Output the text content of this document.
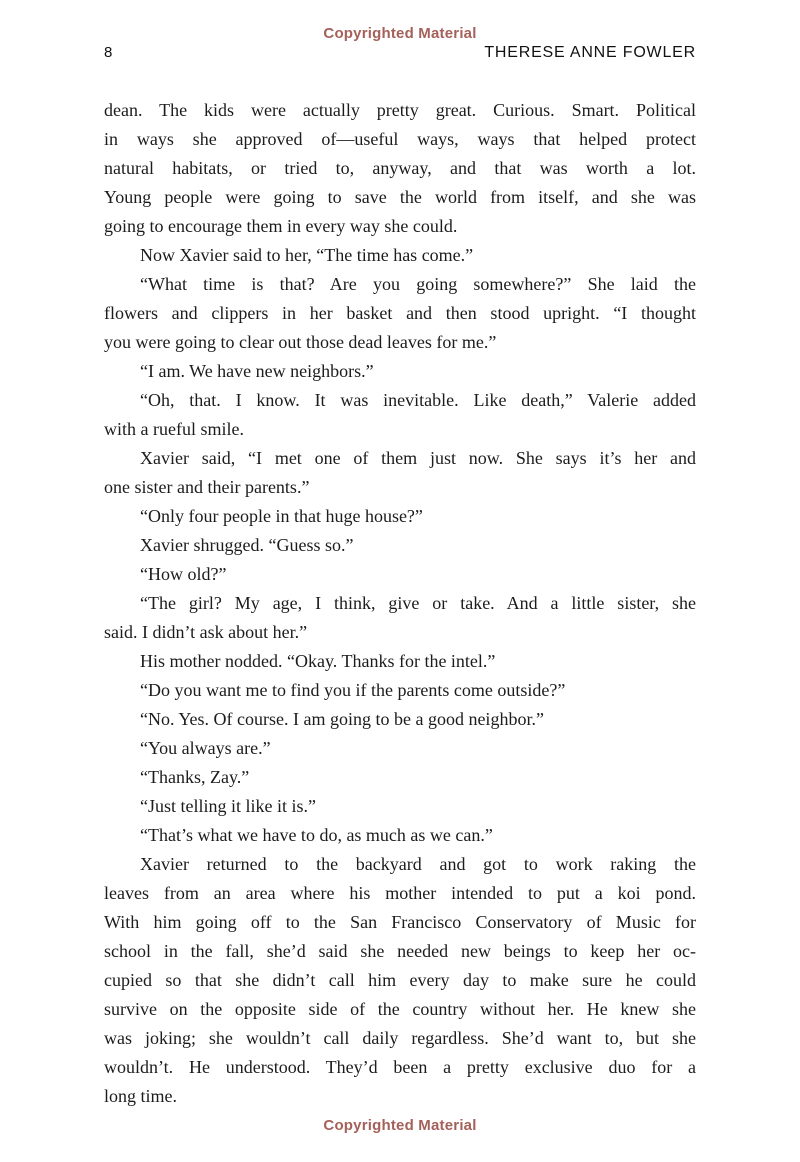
Copyrighted Material
8	THERESE ANNE FOWLER
dean. The kids were actually pretty great. Curious. Smart. Political
in ways she approved of—useful ways, ways that helped protect
natural habitats, or tried to, anyway, and that was worth a lot.
Young people were going to save the world from itself, and she was
going to encourage them in every way she could.
Now Xavier said to her, “The time has come.”
“What time is that? Are you going somewhere?” She laid the
flowers and clippers in her basket and then stood upright. “I thought
you were going to clear out those dead leaves for me.”
“I am. We have new neighbors.”
“Oh, that. I know. It was inevitable. Like death,” Valerie added
with a rueful smile.
Xavier said, “I met one of them just now. She says it’s her and
one sister and their parents.”
“Only four people in that huge house?”
Xavier shrugged. “Guess so.”
“How old?”
“The girl? My age, I think, give or take. And a little sister, she
said. I didn’t ask about her.”
His mother nodded. “Okay. Thanks for the intel.”
“Do you want me to find you if the parents come outside?”
“No. Yes. Of course. I am going to be a good neighbor.”
“You always are.”
“Thanks, Zay.”
“Just telling it like it is.”
“That’s what we have to do, as much as we can.”
Xavier returned to the backyard and got to work raking the
leaves from an area where his mother intended to put a koi pond.
With him going off to the San Francisco Conservatory of Music for
school in the fall, she’d said she needed new beings to keep her oc-
cupied so that she didn’t call him every day to make sure he could
survive on the opposite side of the country without her. He knew she
was joking; she wouldn’t call daily regardless. She’d want to, but she
wouldn’t. He understood. They’d been a pretty exclusive duo for a
long time.
Copyrighted Material
